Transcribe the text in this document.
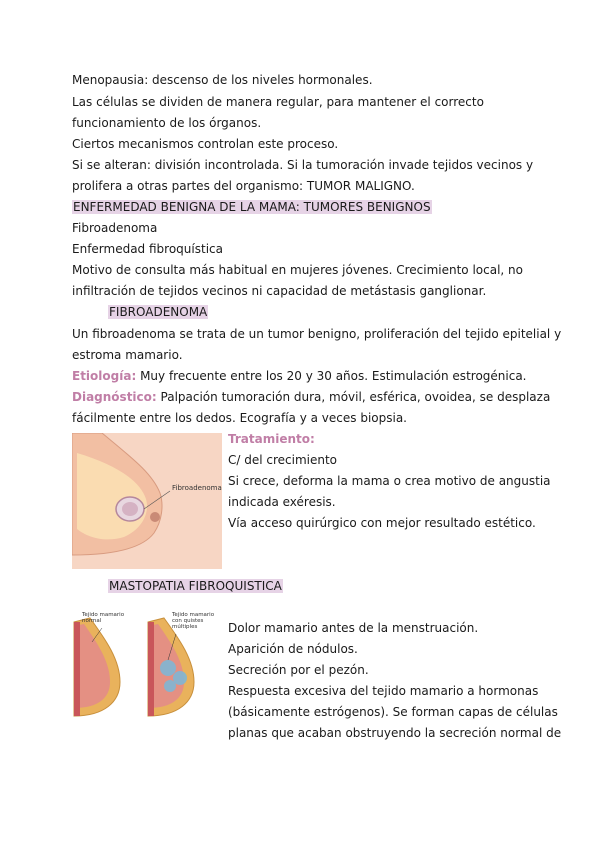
Menopausia: descenso de los niveles hormonales.
Las células se dividen de manera regular, para mantener el correcto
funcionamiento de los órganos.
Ciertos mecanismos controlan este proceso.
Si se alteran: división incontrolada. Si la tumoración invade tejidos vecinos y
prolifera a otras partes del organismo: TUMOR MALIGNO.
ENFERMEDAD BENIGNA DE LA MAMA: TUMORES BENIGNOS
Fibroadenoma
Enfermedad fibroquística
Motivo de consulta más habitual en mujeres jóvenes. Crecimiento local, no
infiltración de tejidos vecinos ni capacidad de metástasis ganglionar.
FIBROADENOMA
Un fibroadenoma se trata de un tumor benigno, proliferación del tejido epitelial y
estroma mamario.
Etiología: Muy frecuente entre los 20 y 30 años. Estimulación estrogénica.
Diagnóstico: Palpación tumoración dura, móvil, esférica, ovoidea, se desplaza
fácilmente entre los dedos. Ecografía y a veces biopsia.
Fibroadenoma
Tratamiento:
C/ del crecimiento
Si crece, deforma la mama o crea motivo de angustia
indicada exéresis.
Vía acceso quirúrgico con mejor resultado estético.
MASTOPATIA FIBROQUISTICA
Tejido mamario normal
Tejido mamario con quistes múltiples	Dolor mamario antes de la menstruación.
Aparición de nódulos.
Secreción por el pezón.
Respuesta excesiva del tejido mamario a hormonas
(básicamente estrógenos). Se forman capas de células
planas que acaban obstruyendo la secreción normal de
